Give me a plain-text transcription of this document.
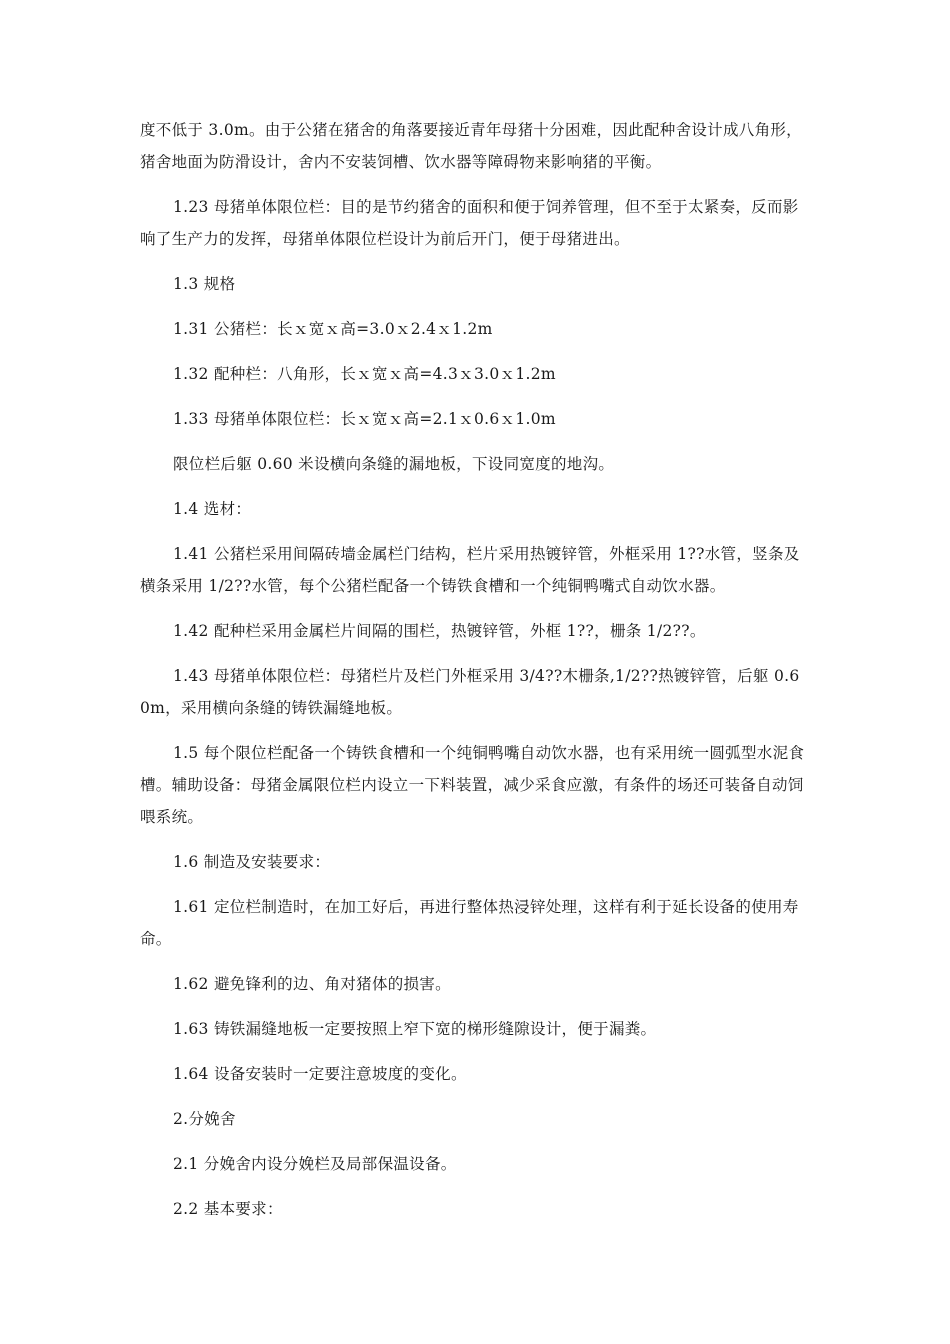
度不低于 3.0m。由于公猪在猪舍的角落要接近青年母猪十分困难，因此配种舍设计成八角形，猪舍地面为防滑设计，舍内不安装饲槽、饮水器等障碍物来影响猪的平衡。

1.23 母猪单体限位栏：目的是节约猪舍的面积和便于饲养管理，但不至于太紧奏，反而影响了生产力的发挥，母猪单体限位栏设计为前后开门，便于母猪进出。

1.3 规格

1.31 公猪栏：长ｘ宽ｘ高=3.0ｘ2.4ｘ1.2m

1.32 配种栏：八角形，长ｘ宽ｘ高=4.3ｘ3.0ｘ1.2m

1.33 母猪单体限位栏：长ｘ宽ｘ高=2.1ｘ0.6ｘ1.0m

限位栏后躯 0.60 米设横向条缝的漏地板，下设同宽度的地沟。

1.4 选材：

1.41 公猪栏采用间隔砖墙金属栏门结构，栏片采用热镀锌管，外框采用 1??水管，竖条及横条采用 1/2??水管，每个公猪栏配备一个铸铁食槽和一个纯铜鸭嘴式自动饮水器。

1.42 配种栏采用金属栏片间隔的围栏，热镀锌管，外框 1??，栅条 1/2??。

1.43 母猪单体限位栏：母猪栏片及栏门外框采用 3/4??木栅条,1/2??热镀锌管，后躯 0.60m，采用横向条缝的铸铁漏缝地板。

1.5 每个限位栏配备一个铸铁食槽和一个纯铜鸭嘴自动饮水器，也有采用统一圆弧型水泥食槽。辅助设备：母猪金属限位栏内设立一下料装置，减少采食应激，有条件的场还可装备自动饲喂系统。

1.6 制造及安装要求：

1.61 定位栏制造时，在加工好后，再进行整体热浸锌处理，这样有利于延长设备的使用寿命。

1.62 避免锋利的边、角对猪体的损害。

1.63 铸铁漏缝地板一定要按照上窄下宽的梯形缝隙设计，便于漏粪。

1.64 设备安装时一定要注意坡度的变化。

2.分娩舍

2.1 分娩舍内设分娩栏及局部保温设备。

2.2 基本要求：
